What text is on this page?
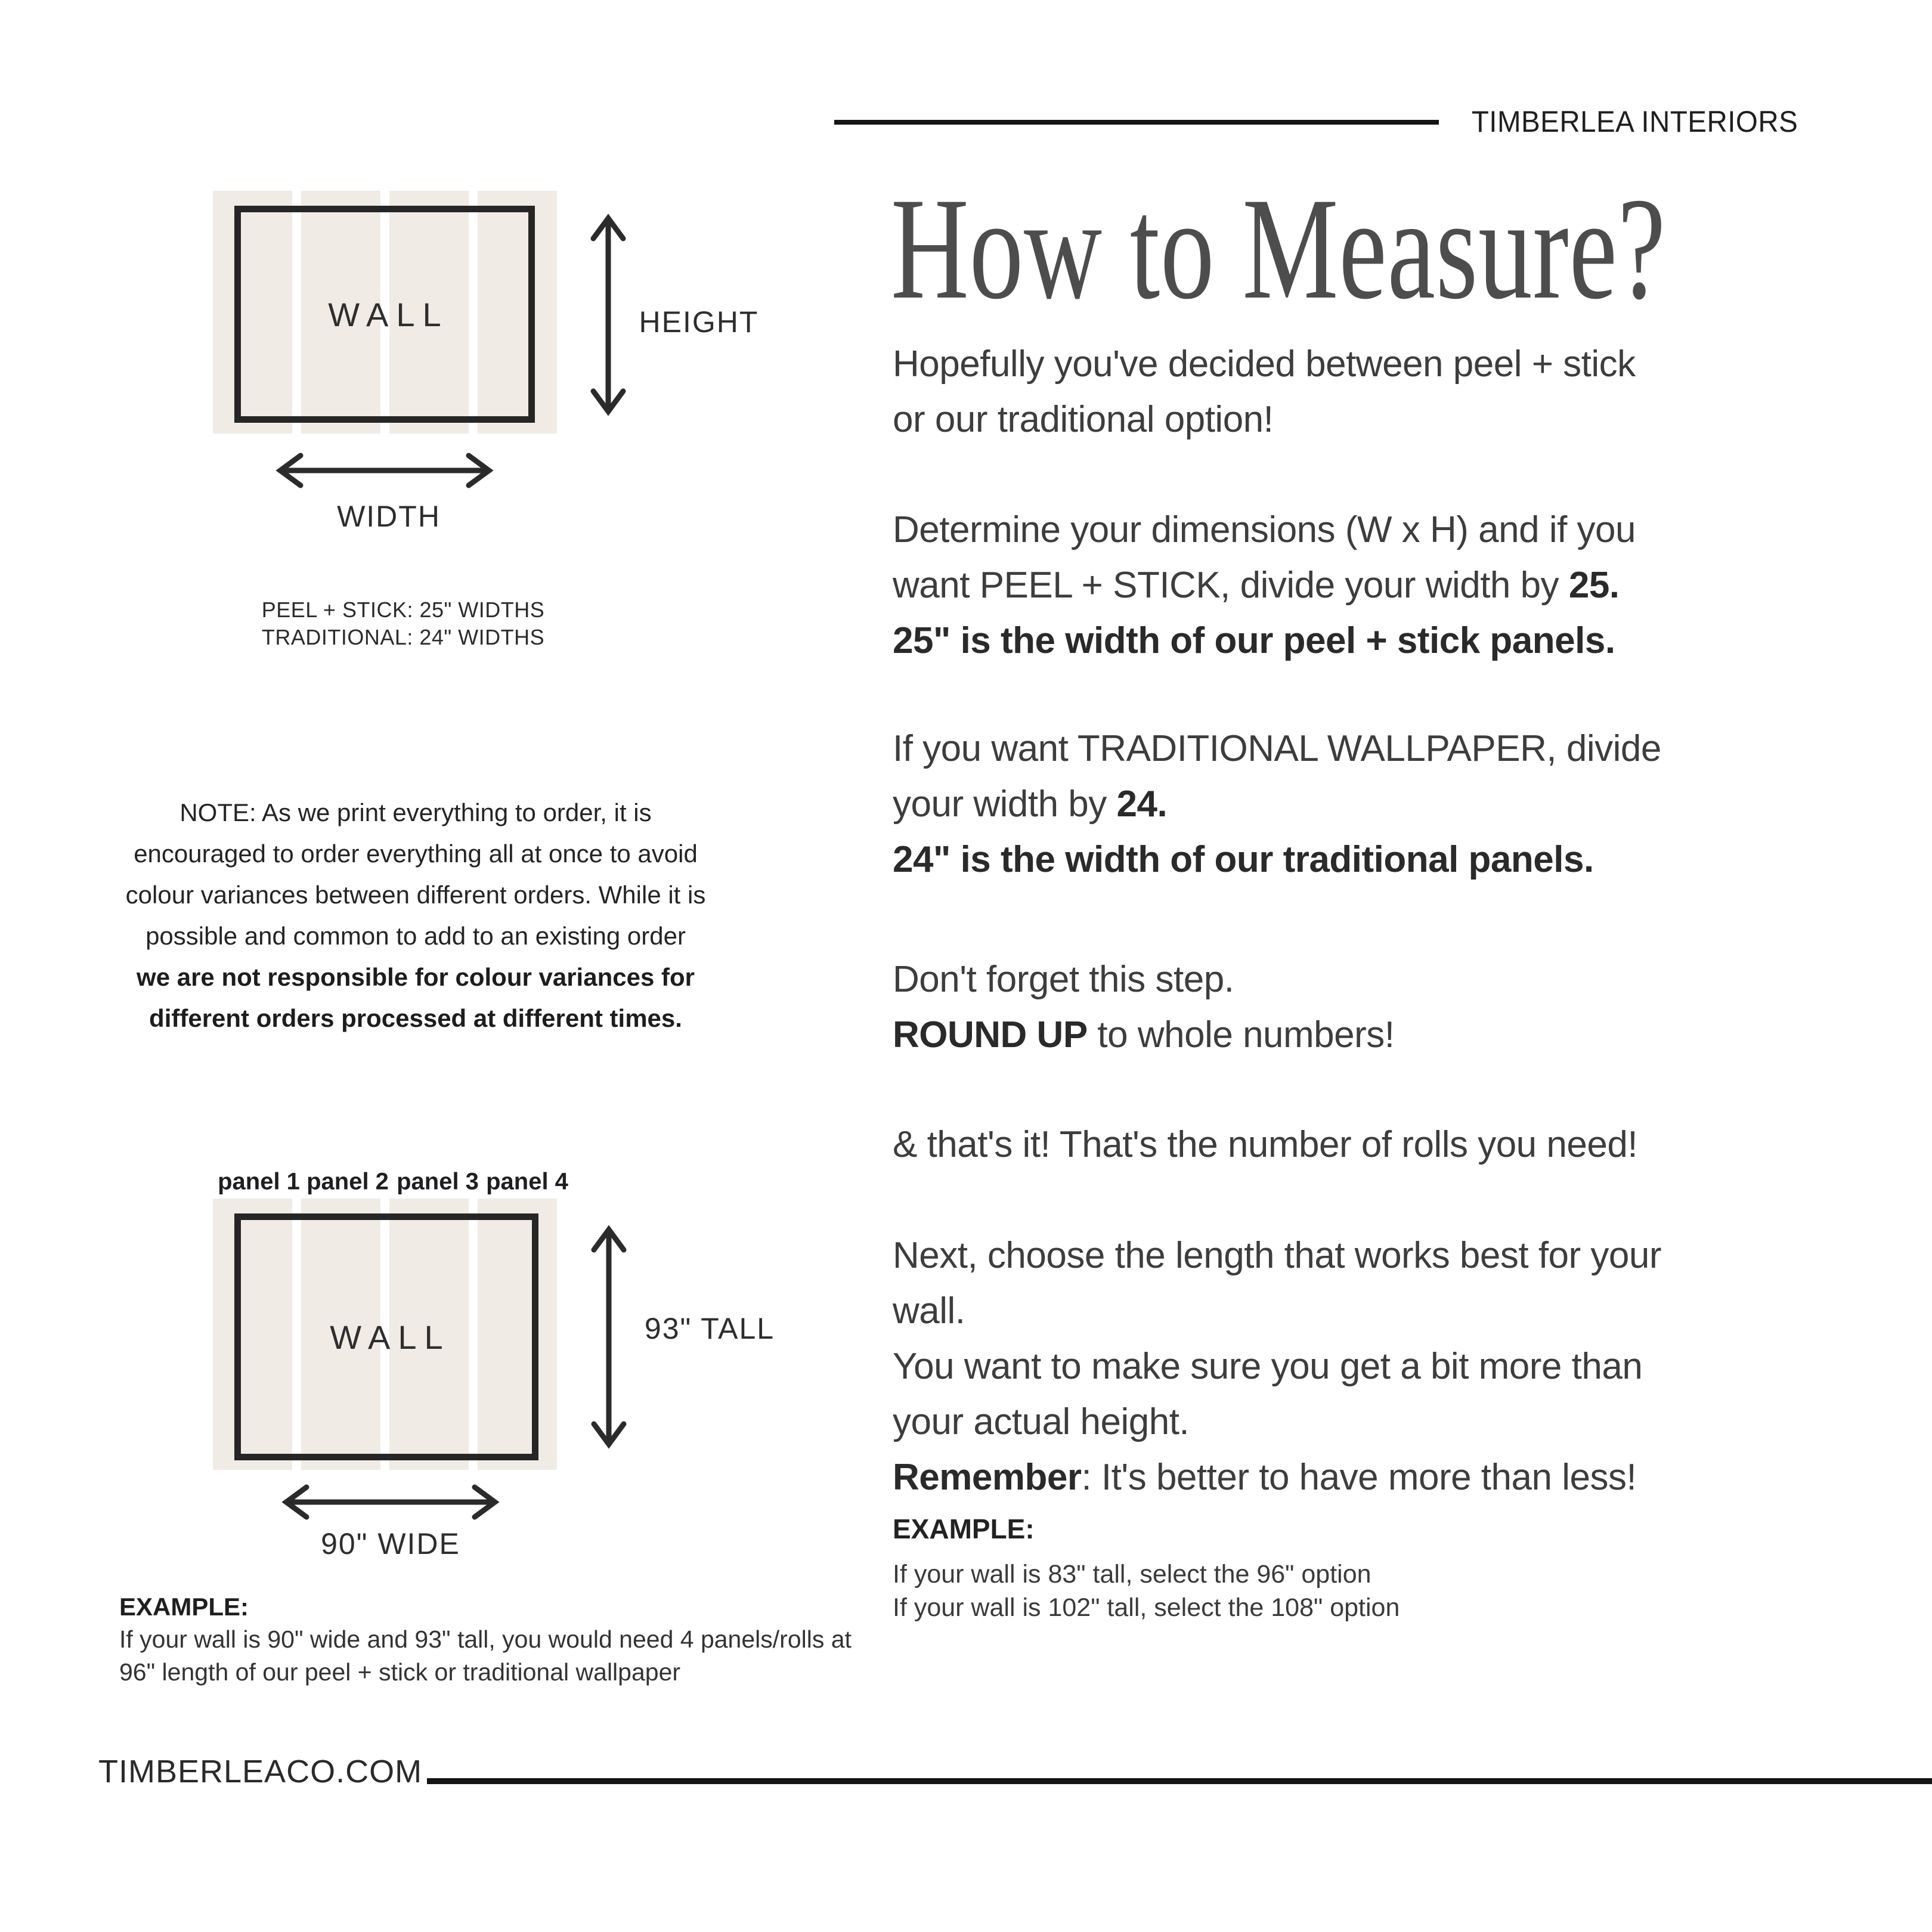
TIMBERLEA INTERIORS
How to Measure?
Hopefully you've decided between peel + stick
or our traditional option!
Determine your dimensions (W x H) and if you
want PEEL + STICK, divide your width by 25.
25" is the width of our peel + stick panels.
If you want TRADITIONAL WALLPAPER, divide
your width by 24.
24" is the width of our traditional panels.
Don't forget this step.
ROUND UP to whole numbers!
& that's it! That's the number of rolls you need!
Next, choose the length that works best for your
wall.
You want to make sure you get a bit more than
your actual height.
Remember: It's better to have more than less!
EXAMPLE:
If your wall is 83" tall, select the 96" option
If your wall is 102" tall, select the 108" option
WALL	HEIGHT
WIDTH
PEEL + STICK: 25" WIDTHS
TRADITIONAL: 24" WIDTHS
NOTE: As we print everything to order, it is
encouraged to order everything all at once to avoid
colour variances between different orders. While it is
possible and common to add to an existing order
we are not responsible for colour variances for
different orders processed at different times.
panel 1 panel 2 panel 3 panel 4
WALL	93" TALL
90" WIDE
EXAMPLE:
If your wall is 90" wide and 93" tall, you would need 4 panels/rolls at
96" length of our peel + stick or traditional wallpaper
TIMBERLEACO.COM
